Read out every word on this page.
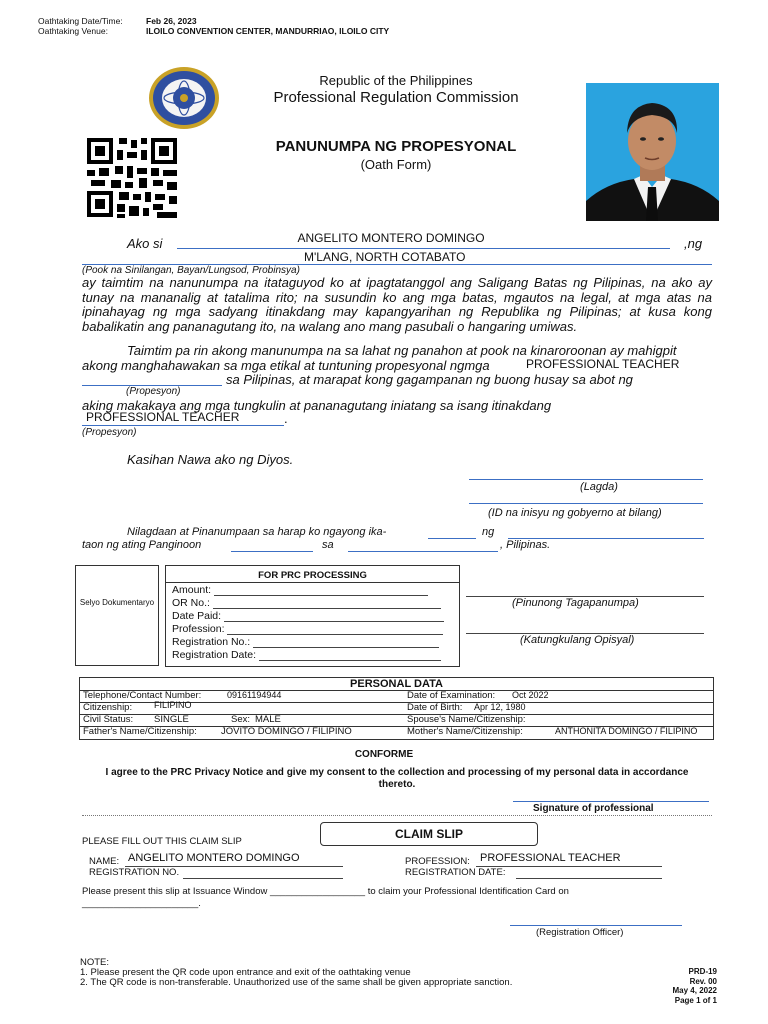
Oathtaking Date/Time:	Feb 26, 2023
Oathtaking Venue:	ILOILO CONVENTION CENTER, MANDURRIAO, ILOILO CITY
Republic of the Philippines
Professional Regulation Commission
PANUNUMPA NG PROPESYONAL
(Oath Form)
Ako si	ANGELITO MONTERO DOMINGO	,ng
M'LANG, NORTH COTABATO
(Pook na Sinilangan, Bayan/Lungsod, Probinsya)
ay taimtim na nanunumpa na itataguyod ko at ipagtatanggol ang Saligang Batas ng Pilipinas, na ako ay tunay na mananalig at tatalima rito; na susundin ko ang mga batas, mgautos na legal, at mga atas na ipinahayag ng mga sadyang itinakdang may kapangyarihan ng Republika ng Pilipinas; at kusa kong babalikatin ang pananagutang ito, na walang ano mang pasubali o hangaring umiwas.
Taimtim pa rin akong manunumpa na sa lahat ng panahon at pook na kinaroroonan ay mahigpit
akong manghahawakan sa mga etikal at tuntuning propesyonal ngmga	PROFESSIONAL TEACHER
sa Pilipinas, at marapat kong gagampanan ng buong husay sa abot ng
(Propesyon)
aking makakaya ang mga tungkulin at pananagutang iniatang sa isang itinakdang
PROFESSIONAL TEACHER	.
(Propesyon)
Kasihan Nawa ako ng Diyos.
(Lagda)
(ID na inisyu ng gobyerno at bilang)
Nilagdaan at Pinanumpaan sa harap ko ngayong ika-	ng
taon ng ating Panginoon	sa	, Pilipinas.
Selyo Dokumentaryo
FOR PRC PROCESSING
Amount:
OR No.:
Date Paid:
Profession:
Registration No.:
Registration Date:
(Pinunong Tagapanumpa)
(Katungkulang Opisyal)
PERSONAL DATA
Telephone/Contact Number:	09161194944	Date of Examination: Oct 2022
Citizenship: FILIPINO	Date of Birth: Apr 12, 1980
Civil Status: SINGLE	Sex: MALE	Spouse's Name/Citizenship:
Father's Name/Citizenship:	JOVITO DOMINGO / FILIPINO	Mother's Name/Citizenship:	ANTHONITA DOMINGO / FILIPINO
CONFORME
I agree to the PRC Privacy Notice and give my consent to the collection and processing of my personal data in accordance thereto.
Signature of professional
PLEASE FILL OUT THIS CLAIM SLIP
CLAIM SLIP
NAME: ANGELITO MONTERO DOMINGO
REGISTRATION NO.
PROFESSION: PROFESSIONAL TEACHER
REGISTRATION DATE:
Please present this slip at Issuance Window __________________ to claim your Professional Identification Card on ______________________.
(Registration Officer)
NOTE:
1. Please present the QR code upon entrance and exit of the oathtaking venue
2. The QR code is non-transferable. Unauthorized use of the same shall be given appropriate sanction.
PRD-19
Rev. 00
May 4, 2022
Page 1 of 1
